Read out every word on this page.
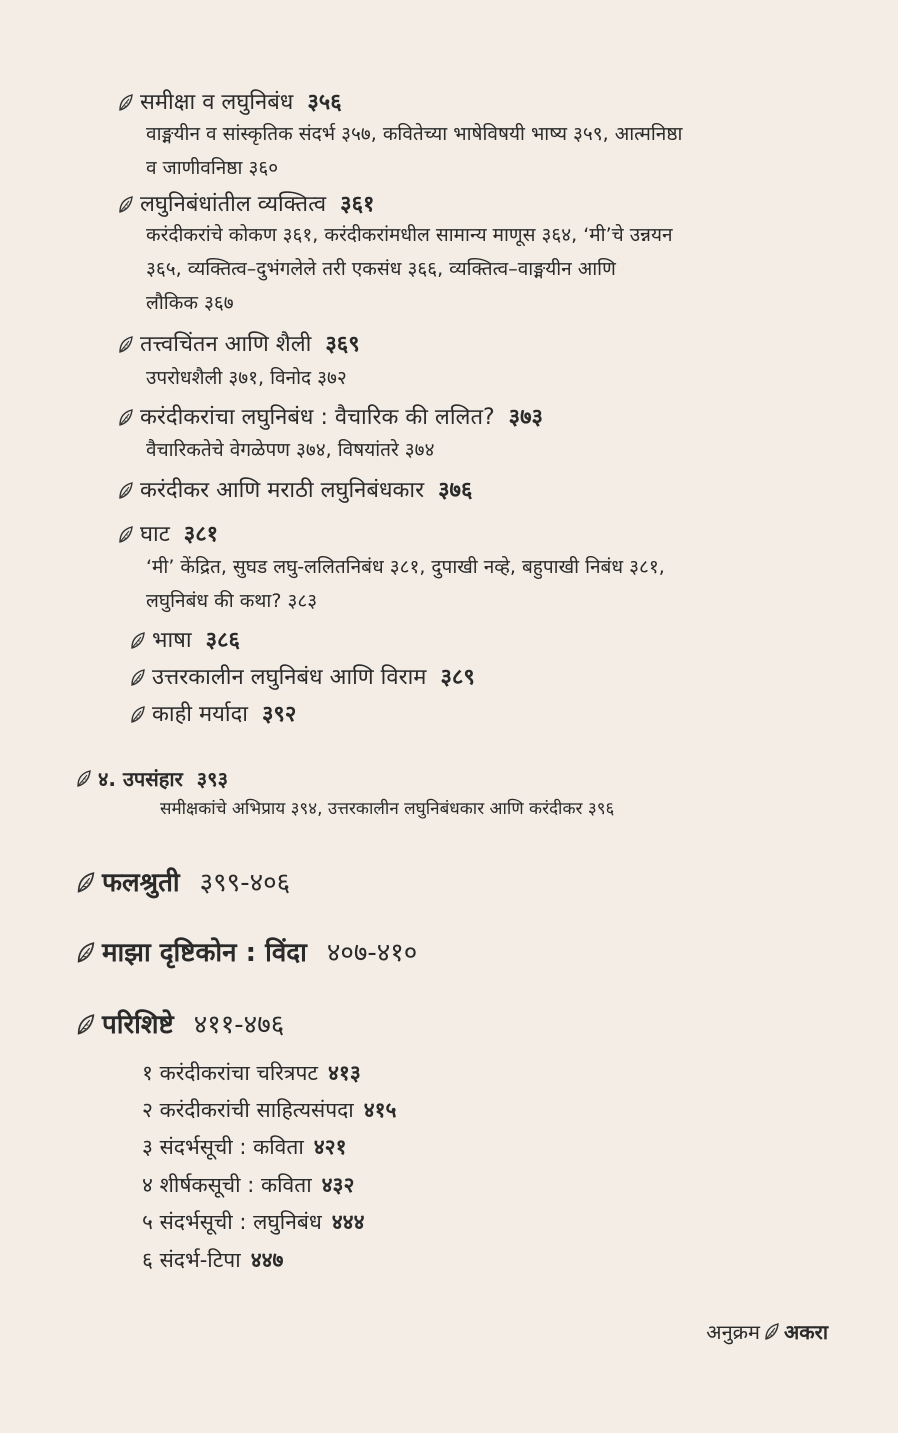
समीक्षा व लघुनिबंध ३५६
वाङ्मयीन व सांस्कृतिक संदर्भ ३५७, कवितेच्या भाषेविषयी भाष्य ३५९, आत्मनिष्ठा
व जाणीवनिष्ठा ३६०
लघुनिबंधांतील व्यक्तित्व ३६१
करंदीकरांचे कोकण ३६१, करंदीकरांमधील सामान्य माणूस ३६४, ‘मी’चे उन्नयन
३६५, व्यक्तित्व–दुभंगलेले तरी एकसंध ३६६, व्यक्तित्व–वाङ्मयीन आणि
लौकिक ३६७
तत्त्वचिंतन आणि शैली ३६९
उपरोधशैली ३७१, विनोद ३७२
करंदीकरांचा लघुनिबंध : वैचारिक की ललित? ३७३
वैचारिकतेचे वेगळेपण ३७४, विषयांतरे ३७४
करंदीकर आणि मराठी लघुनिबंधकार ३७६
घाट ३८१
‘मी’ केंद्रित, सुघड लघु-ललितनिबंध ३८१, दुपाखी नव्हे, बहुपाखी निबंध ३८१,
लघुनिबंध की कथा? ३८३
भाषा ३८६
उत्तरकालीन लघुनिबंध आणि विराम ३८९
काही मर्यादा ३९२
४. उपसंहार ३९३
समीक्षकांचे अभिप्राय ३९४, उत्तरकालीन लघुनिबंधकार आणि करंदीकर ३९६
फलश्रुती ३९९-४०६
माझा दृष्टिकोन : विंदा ४०७-४१०
परिशिष्टे ४११-४७६
१ करंदीकरांचा चरित्रपट ४१३
२ करंदीकरांची साहित्यसंपदा ४१५
३ संदर्भसूची : कविता ४२१
४ शीर्षकसूची : कविता ४३२
५ संदर्भसूची : लघुनिबंध ४४४
६ संदर्भ-टिपा ४४७
अनुक्रम अकरा
